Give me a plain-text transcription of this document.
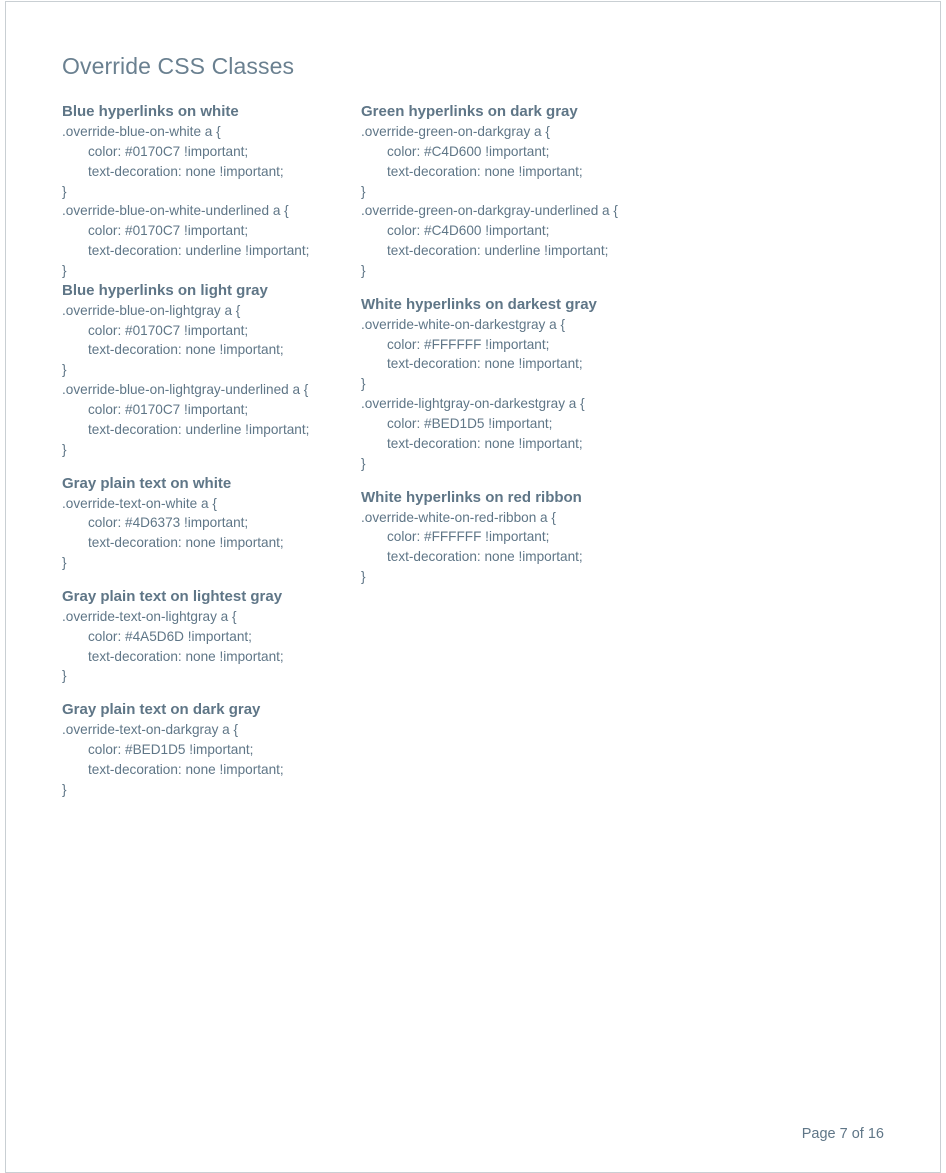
Override CSS Classes
Blue hyperlinks on white
.override-blue-on-white a {
color: #0170C7 !important;
text-decoration: none !important;
}
.override-blue-on-white-underlined a {
color: #0170C7 !important;
text-decoration: underline !important;
}
Blue hyperlinks on light gray
.override-blue-on-lightgray a {
color: #0170C7 !important;
text-decoration: none !important;
}
.override-blue-on-lightgray-underlined a {
color: #0170C7 !important;
text-decoration: underline !important;
}
Gray plain text on white
.override-text-on-white a {
color: #4D6373 !important;
text-decoration: none !important;
}
Gray plain text on lightest gray
.override-text-on-lightgray a {
color: #4A5D6D !important;
text-decoration: none !important;
}
Gray plain text on dark gray
.override-text-on-darkgray a {
color: #BED1D5 !important;
text-decoration: none !important;
}
Green hyperlinks on dark gray
.override-green-on-darkgray a {
color: #C4D600 !important;
text-decoration: none !important;
}
.override-green-on-darkgray-underlined a {
color: #C4D600 !important;
text-decoration: underline !important;
}
White hyperlinks on darkest gray
.override-white-on-darkestgray a {
color: #FFFFFF !important;
text-decoration: none !important;
}
.override-lightgray-on-darkestgray a {
color: #BED1D5 !important;
text-decoration: none !important;
}
White hyperlinks on red ribbon
.override-white-on-red-ribbon a {
color: #FFFFFF !important;
text-decoration: none !important;
}
Page 7 of 16
